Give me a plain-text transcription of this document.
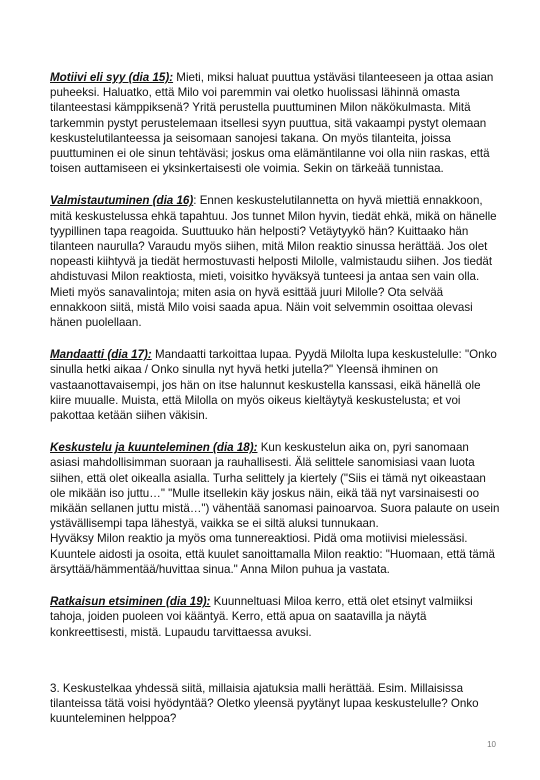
Motiivi eli syy (dia 15): Mieti, miksi haluat puuttua ystäväsi tilanteeseen ja ottaa asian puheeksi. Haluatko, että Milo voi paremmin vai oletko huolissasi lähinnä omasta tilanteestasi kämppiksenä? Yritä perustella puuttuminen Milon näkökulmasta. Mitä tarkemmin pystyt perustelemaan itsellesi syyn puuttua, sitä vakaampi pystyt olemaan keskustelutilanteessa ja seisomaan sanojesi takana. On myös tilanteita, joissa puuttuminen ei ole sinun tehtäväsi; joskus oma elämäntilanne voi olla niin raskas, että toisen auttamiseen ei yksinkertaisesti ole voimia. Sekin on tärkeää tunnistaa.
Valmistautuminen (dia 16): Ennen keskustelutilannetta on hyvä miettiä ennakkoon, mitä keskustelussa ehkä tapahtuu. Jos tunnet Milon hyvin, tiedät ehkä, mikä on hänelle tyypillinen tapa reagoida. Suuttuuko hän helposti? Vetäytyykö hän? Kuittaako hän tilanteen naurulla? Varaudu myös siihen, mitä Milon reaktio sinussa herättää. Jos olet nopeasti kiihtyvä ja tiedät hermostuvasti helposti Milolle, valmistaudu siihen. Jos tiedät ahdistuvasi Milon reaktiosta, mieti, voisitko hyväksyä tunteesi ja antaa sen vain olla. Mieti myös sanavalintoja; miten asia on hyvä esittää juuri Milolle? Ota selvää ennakkoon siitä, mistä Milo voisi saada apua. Näin voit selvemmin osoittaa olevasi hänen puolellaan.
Mandaatti (dia 17): Mandaatti tarkoittaa lupaa. Pyydä Milolta lupa keskustelulle: "Onko sinulla hetki aikaa / Onko sinulla nyt hyvä hetki jutella?" Yleensä ihminen on vastaanottavaisempi, jos hän on itse halunnut keskustella kanssasi, eikä hänellä ole kiire muualle. Muista, että Milolla on myös oikeus kieltäytyä keskustelusta; et voi pakottaa ketään siihen väkisin.
Keskustelu ja kuunteleminen (dia 18): Kun keskustelun aika on, pyri sanomaan asiasi mahdollisimman suoraan ja rauhallisesti. Älä selittele sanomisiasi vaan luota siihen, että olet oikealla asialla. Turha selittely ja kiertely ("Siis ei tämä nyt oikeastaan ole mikään iso juttu…" "Mulle itsellekin käy joskus näin, eikä tää nyt varsinaisesti oo mikään sellanen juttu mistä…") vähentää sanomasi painoarvoa. Suora palaute on usein ystävällisempi tapa lähestyä, vaikka se ei siltä aluksi tunnukaan.
Hyväksy Milon reaktio ja myös oma tunnereaktiosi. Pidä oma motiivisi mielessäsi. Kuuntele aidosti ja osoita, että kuulet sanoittamalla Milon reaktio: "Huomaan, että tämä ärsyttää/hämmentää/huvittaa sinua." Anna Milon puhua ja vastata.
Ratkaisun etsiminen (dia 19): Kuunneltuasi Miloa kerro, että olet etsinyt valmiiksi tahoja, joiden puoleen voi kääntyä. Kerro, että apua on saatavilla ja näytä konkreettisesti, mistä. Lupaudu tarvittaessa avuksi.
3. Keskustelkaa yhdessä siitä, millaisia ajatuksia malli herättää. Esim. Millaisissa tilanteissa tätä voisi hyödyntää? Oletko yleensä pyytänyt lupaa keskustelulle? Onko kuunteleminen helppoa?
10
